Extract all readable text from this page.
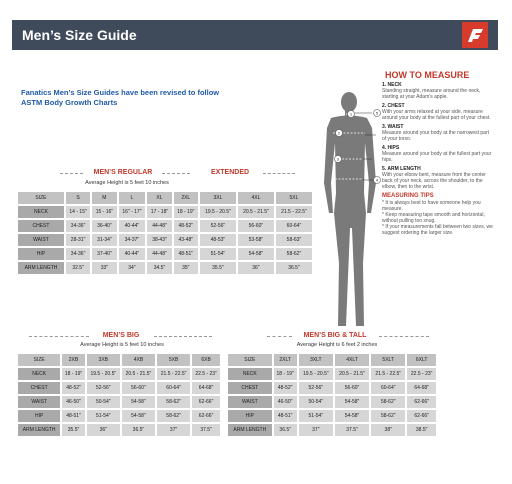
Men’s Size Guide
Fanatics Men’s Size Guides have been revised to follow ASTM Body Growth Charts
MEN’S REGULAR	EXTENDED
Average Height is 5 feet 10 inches
SIZE	S	M	L	XL	2XL	3XL	4XL	5XL
NECK	14 - 15"	15 - 16"	16" - 17"	17 - 18"	18 - 19"	19.5 - 20.5"	20.5 - 21.5"	21.5 - 22.5"
CHEST	34-36"	36-40"	40-44"	44-48"	48-52"	52-56"	56-60"	60-64"
WAIST	28-31"	31-34"	34-37"	38-43"	43-48"	48-53"	53-58"	58-63"
HIP	34-36"	37-40"	40-44"	44-48"	48-51"	51-54"	54-58"	58-62"
ARM LENGTH	32.5"	33"	34"	34.5"	35"	35.5"	36"	36.5"
MEN’S BIG
Average Height is 5 feet 10 inches
SIZE	2XB	3XB	4XB	5XB	6XB
NECK	18 - 19"	19.5 - 20.5"	20.5 - 21.5"	21.5 - 22.5"	22.5 - 23"
CHEST	48-52"	52-56"	56-60"	60-64"	64-68"
WAIST	46-50"	50-54"	54-58"	58-62"	62-66"
HIP	48-51"	51-54"	54-58"	58-62"	62-66"
ARM LENGTH	35.5"	36"	36.5"	37"	37.5"
MEN’S BIG & TALL
Average Height is 6 feet 2 inches
SIZE	2XLT	3XLT	4XLT	5XLT	6XLT
NECK	18 - 19"	19.5 - 20.5"	20.5 - 21.5"	21.5 - 22.5"	22.5 - 23"
CHEST	48-52"	52-56"	56-60"	60-64"	64-68"
WAIST	46-50"	50-54"	54-58"	58-62"	62-66"
HIP	48-51"	51-54"	54-58"	58-62"	62-66"
ARM LENGTH	36.5"	37"	37.5"	38"	38.5"
1
2
3
4
5
HOW TO MEASURE
1. NECK
Standing straight, measure around the neck, starting at your Adam’s apple.
2. CHEST
With your arms relaxed at your side, measure around your body at the fullest part of your chest.
3. WAIST
Measure around your body at the narrowest part of your torso.
4. HIPS
Measure around your body at the fullest part your hips.
5. ARM LENGTH
With your elbow bent, measure from the center back of your neck, across the shoulder, to the elbow, then to the wrist.
MEASURING TIPS
* It is always best to have someone help you measure.
* Keep measuring tape smooth and horizontal, without pulling too snug.
* If your measurements fall between two sizes, we suggest ordering the larger size.
